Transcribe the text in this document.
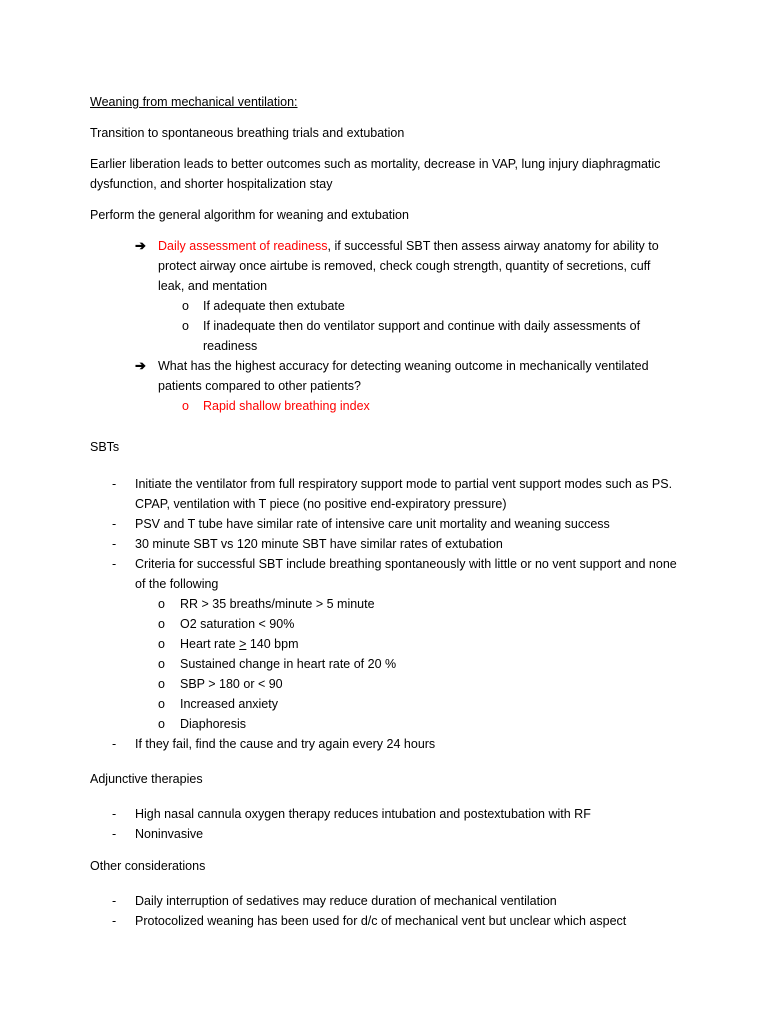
Weaning from mechanical ventilation:

Transition to spontaneous breathing trials and extubation

Earlier liberation leads to better outcomes such as mortality, decrease in VAP, lung injury diaphragmatic dysfunction, and shorter hospitalization stay

Perform the general algorithm for weaning and extubation

➔ Daily assessment of readiness, if successful SBT then assess airway anatomy for ability to protect airway once airtube is removed, check cough strength, quantity of secretions, cuff leak, and mentation
o If adequate then extubate
o If inadequate then do ventilator support and continue with daily assessments of readiness
➔ What has the highest accuracy for detecting weaning outcome in mechanically ventilated patients compared to other patients?
o Rapid shallow breathing index

SBTs

- Initiate the ventilator from full respiratory support mode to partial vent support modes such as PS. CPAP, ventilation with T piece (no positive end-expiratory pressure)
- PSV and T tube have similar rate of intensive care unit mortality and weaning success
- 30 minute SBT vs 120 minute SBT have similar rates of extubation
- Criteria for successful SBT include breathing spontaneously with little or no vent support and none of the following
o RR > 35 breaths/minute > 5 minute
o O2 saturation < 90%
o Heart rate > 140 bpm
o Sustained change in heart rate of 20 %
o SBP > 180 or < 90
o Increased anxiety
o Diaphoresis
- If they fail, find the cause and try again every 24 hours

Adjunctive therapies

- High nasal cannula oxygen therapy reduces intubation and postextubation with RF
- Noninvasive

Other considerations

- Daily interruption of sedatives may reduce duration of mechanical ventilation
- Protocolized weaning has been used for d/c of mechanical vent but unclear which aspect
